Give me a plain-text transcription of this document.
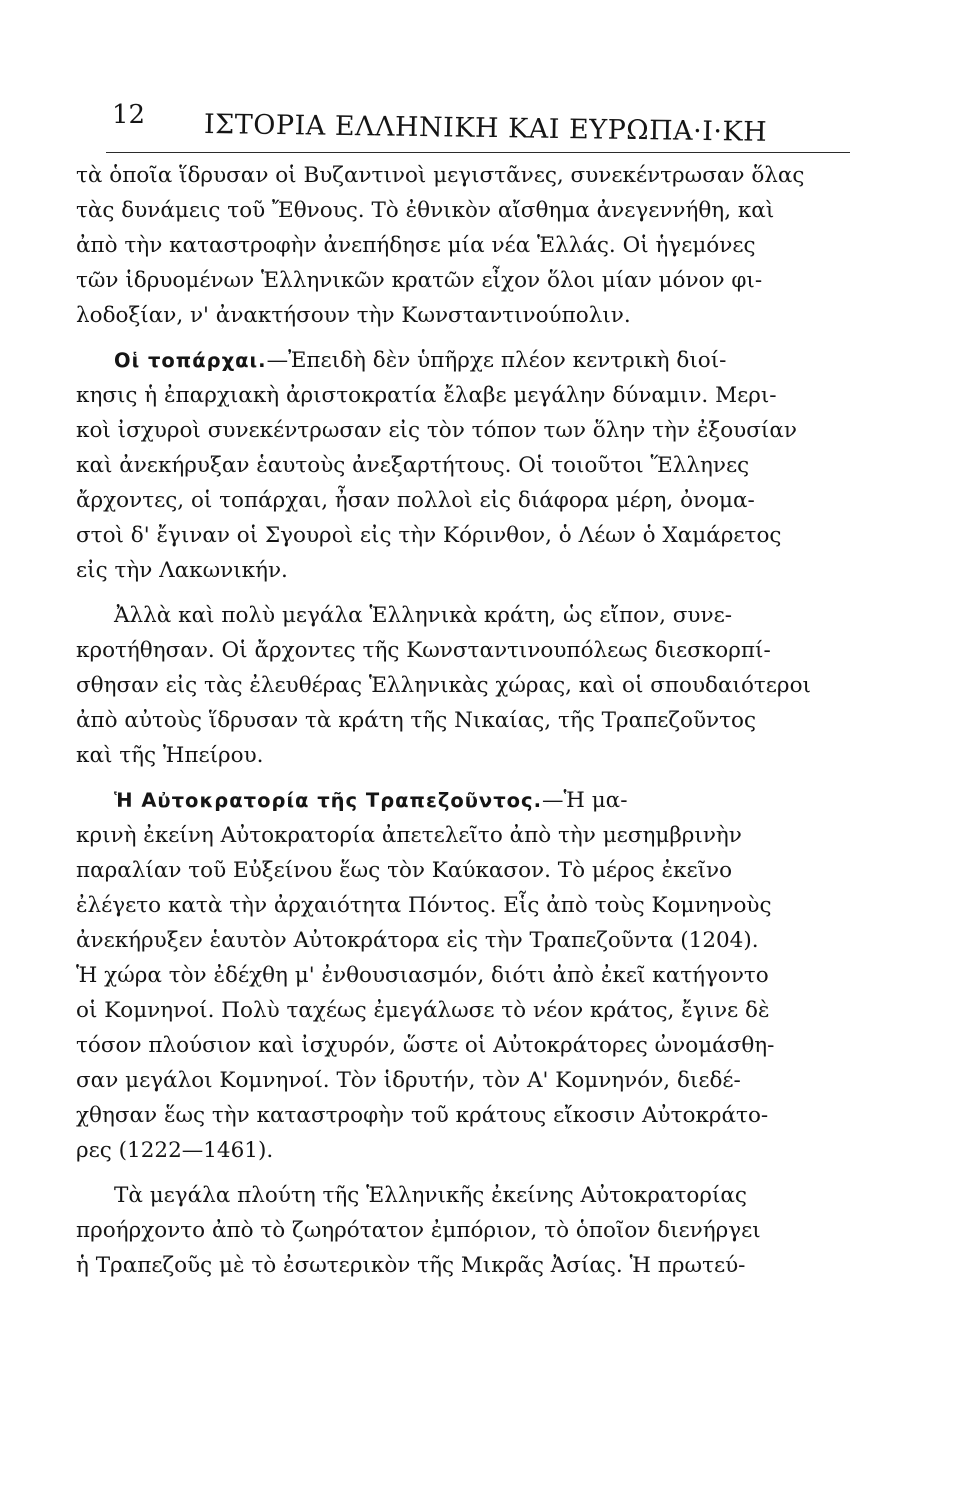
12 ΙΣΤΟΡΙΑ ΕΛΛΗΝΙΚΗ ΚΑΙ ΕΥΡΩΠΑ·Ι·ΚΗ
τὰ ὁποῖα ἵδρυσαν οἱ Βυζαντινοὶ μεγιστᾶνες, συνεκέντρωσαν ὅλας
τὰς δυνάμεις τοῦ Ἔθνους. Τὸ ἐθνικὸν αἴσθημα ἀνεγεννήθη, καὶ
ἀπὸ τὴν καταστροφὴν ἀνεπήδησε μία νέα Ἑλλάς. Οἱ ἡγεμόνες
τῶν ἱδρυομένων Ἑλληνικῶν κρατῶν εἶχον ὅλοι μίαν μόνον φι-
λοδοξίαν, ν' ἀνακτήσουν τὴν Κωνσταντινούπολιν.
Οἱ τοπάρχαι.—Ἐπειδὴ δὲν ὑπῆρχε πλέον κεντρικὴ διοί-
κησις ἡ ἐπαρχιακὴ ἀριστοκρατία ἔλαβε μεγάλην δύναμιν. Μερι-
κοὶ ἰσχυροὶ συνεκέντρωσαν εἰς τὸν τόπον των ὅλην τὴν ἐξουσίαν
καὶ ἀνεκήρυξαν ἑαυτοὺς ἀνεξαρτήτους. Οἱ τοιοῦτοι Ἕλληνες
ἄρχοντες, οἱ τοπάρχαι, ἦσαν πολλοὶ εἰς διάφορα μέρη, ὀνομα-
στοὶ δ' ἔγιναν οἱ Σγουροὶ εἰς τὴν Κόρινθον, ὁ Λέων ὁ Χαμάρετος
εἰς τὴν Λακωνικήν.
Ἀλλὰ καὶ πολὺ μεγάλα Ἑλληνικὰ κράτη, ὡς εἴπον, συνε-
κροτήθησαν. Οἱ ἄρχοντες τῆς Κωνσταντινουπόλεως διεσκορπί-
σθησαν εἰς τὰς ἐλευθέρας Ἑλληνικὰς χώρας, καὶ οἱ σπουδαιότεροι
ἀπὸ αὐτοὺς ἵδρυσαν τὰ κράτη τῆς Νικαίας, τῆς Τραπεζοῦντος
καὶ τῆς Ἠπείρου.
Ἡ Αὐτοκρατορία τῆς Τραπεζοῦντος.—Ἡ μα-
κρινὴ ἐκείνη Αὐτοκρατορία ἀπετελεῖτο ἀπὸ τὴν μεσημβρινὴν
παραλίαν τοῦ Εὐξείνου ἕως τὸν Καύκασον. Τὸ μέρος ἐκεῖνο
ἐλέγετο κατὰ τὴν ἀρχαιότητα Πόντος. Εἷς ἀπὸ τοὺς Κομνηνοὺς
ἀνεκήρυξεν ἑαυτὸν Αὐτοκράτορα εἰς τὴν Τραπεζοῦντα (1204).
Ἡ χώρα τὸν ἐδέχθη μ' ἐνθουσιασμόν, διότι ἀπὸ ἐκεῖ κατήγοντο
οἱ Κομνηνοί. Πολὺ ταχέως ἐμεγάλωσε τὸ νέον κράτος, ἔγινε δὲ
τόσον πλούσιον καὶ ἰσχυρόν, ὥστε οἱ Αὐτοκράτορες ὠνομάσθη-
σαν μεγάλοι Κομνηνοί. Τὸν ἱδρυτήν, τὸν Α' Κομνηνόν, διεδέ-
χθησαν ἕως τὴν καταστροφὴν τοῦ κράτους εἴκοσιν Αὐτοκράτο-
ρες (1222—1461).
Τὰ μεγάλα πλούτη τῆς Ἑλληνικῆς ἐκείνης Αὐτοκρατορίας
προήρχοντο ἀπὸ τὸ ζωηρότατον ἐμπόριον, τὸ ὁποῖον διενήργει
ἡ Τραπεζοῦς μὲ τὸ ἐσωτερικὸν τῆς Μικρᾶς Ἀσίας. Ἡ πρωτεύ-
